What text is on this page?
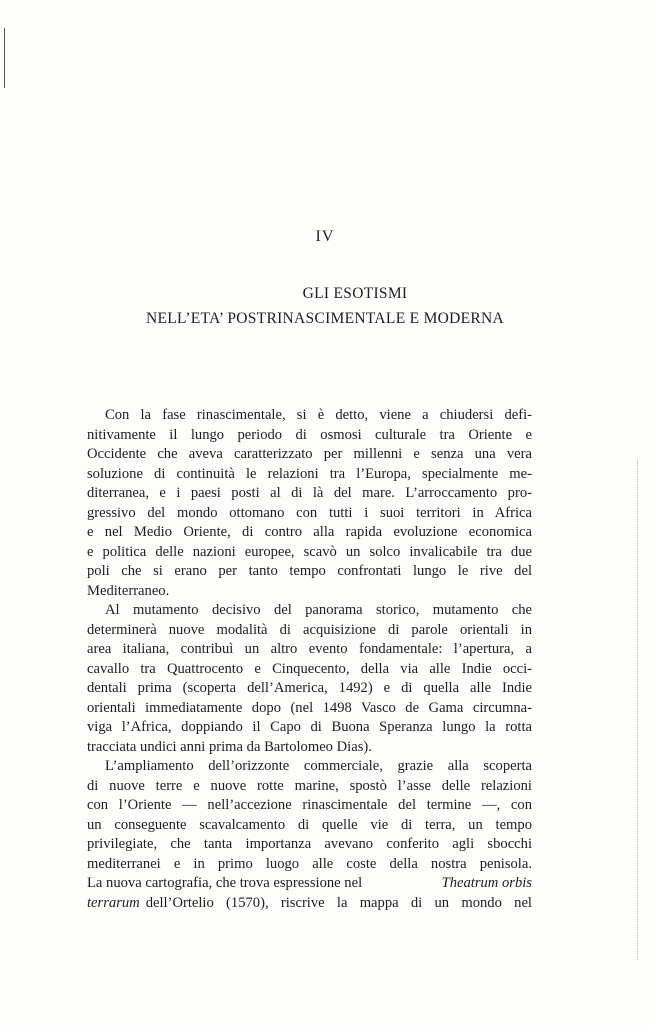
IV
GLI ESOTISMI
NELL’ETA’ POSTRINASCIMENTALE E MODERNA
Con la fase rinascimentale, si è detto, viene a chiudersi defi-
nitivamente il lungo periodo di osmosi culturale tra Oriente e
Occidente che aveva caratterizzato per millenni e senza una vera
soluzione di continuità le relazioni tra l’Europa, specialmente me-
diterranea, e i paesi posti al di là del mare. L’arroccamento pro-
gressivo del mondo ottomano con tutti i suoi territori in Africa
e nel Medio Oriente, di contro alla rapida evoluzione economica
e politica delle nazioni europee, scavò un solco invalicabile tra due
poli che si erano per tanto tempo confrontati lungo le rive del
Mediterraneo.
Al mutamento decisivo del panorama storico, mutamento che
determinerà nuove modalità di acquisizione di parole orientali in
area italiana, contribuì un altro evento fondamentale: l’apertura, a
cavallo tra Quattrocento e Cinquecento, della via alle Indie occi-
dentali prima (scoperta dell’America, 1492) e di quella alle Indie
orientali immediatamente dopo (nel 1498 Vasco de Gama circumna-
viga l’Africa, doppiando il Capo di Buona Speranza lungo la rotta
tracciata undici anni prima da Bartolomeo Dias).
L’ampliamento dell’orizzonte commerciale, grazie alla scoperta
di nuove terre e nuove rotte marine, spostò l’asse delle relazioni
con l’Oriente — nell’accezione rinascimentale del termine —, con
un conseguente scavalcamento di quelle vie di terra, un tempo
privilegiate, che tanta importanza avevano conferito agli sbocchi
mediterranei e in primo luogo alle coste della nostra penisola.
La nuova cartografia, che trova espressione nel	Theatrum orbis
terrarum dell’Ortelio (1570), riscrive la mappa di un mondo nel
